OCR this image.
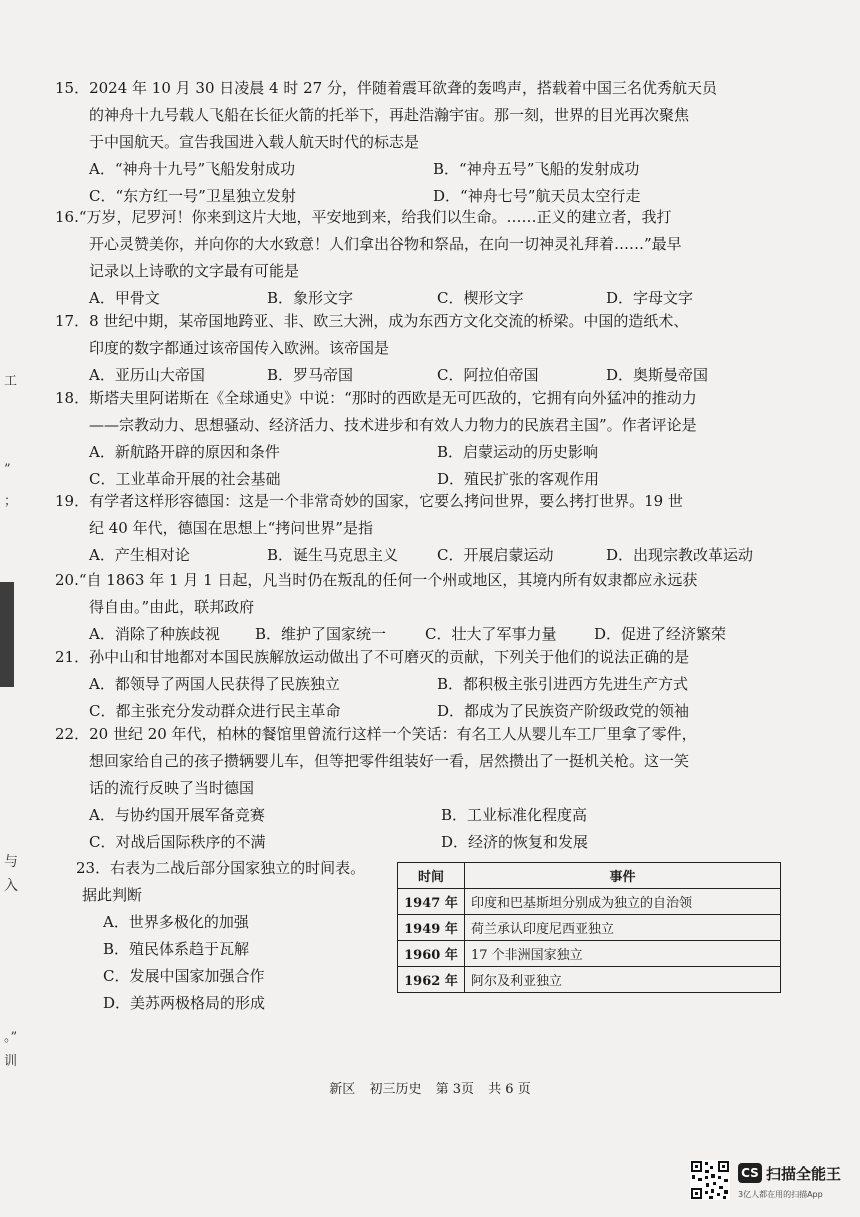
15．2024 年 10 月 30 日凌晨 4 时 27 分，伴随着震耳欲聋的轰鸣声，搭载着中国三名优秀航天员
的神舟十九号载人飞船在长征火箭的托举下，再赴浩瀚宇宙。那一刻，世界的目光再次聚焦
于中国航天。宣告我国进入载人航天时代的标志是
A．“神舟十九号”飞船发射成功	B．“神舟五号”飞船的发射成功
C．“东方红一号”卫星独立发射	D．“神舟七号”航天员太空行走
16.“万岁，尼罗河！你来到这片大地，平安地到来，给我们以生命。……正义的建立者，我打
开心灵赞美你，并向你的大水致意！人们拿出谷物和祭品，在向一切神灵礼拜着……”最早
记录以上诗歌的文字最有可能是
A．甲骨文	B．象形文字	C．楔形文字	D．字母文字
17．8 世纪中期，某帝国地跨亚、非、欧三大洲，成为东西方文化交流的桥梁。中国的造纸术、
印度的数字都通过该帝国传入欧洲。该帝国是
A．亚历山大帝国	B．罗马帝国	C．阿拉伯帝国	D．奥斯曼帝国
18．斯塔夫里阿诺斯在《全球通史》中说：“那时的西欧是无可匹敌的，它拥有向外猛冲的推动力
——宗教动力、思想骚动、经济活力、技术进步和有效人力物力的民族君主国”。作者评论是
A．新航路开辟的原因和条件	B．启蒙运动的历史影响
C．工业革命开展的社会基础	D．殖民扩张的客观作用
19．有学者这样形容德国：这是一个非常奇妙的国家，它要么拷问世界，要么拷打世界。19 世
纪 40 年代，德国在思想上“拷问世界”是指
A．产生相对论	B．诞生马克思主义	C．开展启蒙运动	D．出现宗教改革运动
20.“自 1863 年 1 月 1 日起，凡当时仍在叛乱的任何一个州或地区，其境内所有奴隶都应永远获
得自由。”由此，联邦政府
A．消除了种族歧视 B．维护了国家统一	C．壮大了军事力量	D．促进了经济繁荣
21．孙中山和甘地都对本国民族解放运动做出了不可磨灭的贡献，下列关于他们的说法正确的是
A．都领导了两国人民获得了民族独立	B．都积极主张引进西方先进生产方式
C．都主张充分发动群众进行民主革命	D．都成为了民族资产阶级政党的领袖
22．20 世纪 20 年代，柏林的餐馆里曾流行这样一个笑话：有名工人从婴儿车工厂里拿了零件，
想回家给自己的孩子攒辆婴儿车，但等把零件组装好一看，居然攒出了一挺机关枪。这一笑
话的流行反映了当时德国
A．与协约国开展军备竞赛	B．工业标准化程度高
C．对战后国际秩序的不满	D．经济的恢复和发展
23．右表为二战后部分国家独立的时间表。
据此判断
A．世界多极化的加强
B．殖民体系趋于瓦解
C．发展中国家加强合作
D．美苏两极格局的形成
时间	事件
1947 年	印度和巴基斯坦分别成为独立的自治领
1949 年	荷兰承认印度尼西亚独立
1960 年	17 个非洲国家独立
1962 年	阿尔及利亚独立
工
”
；
与
入
。”
训
新区 初三历史 第 3页 共 6 页
CS 扫描全能王
3亿人都在用的扫描App
